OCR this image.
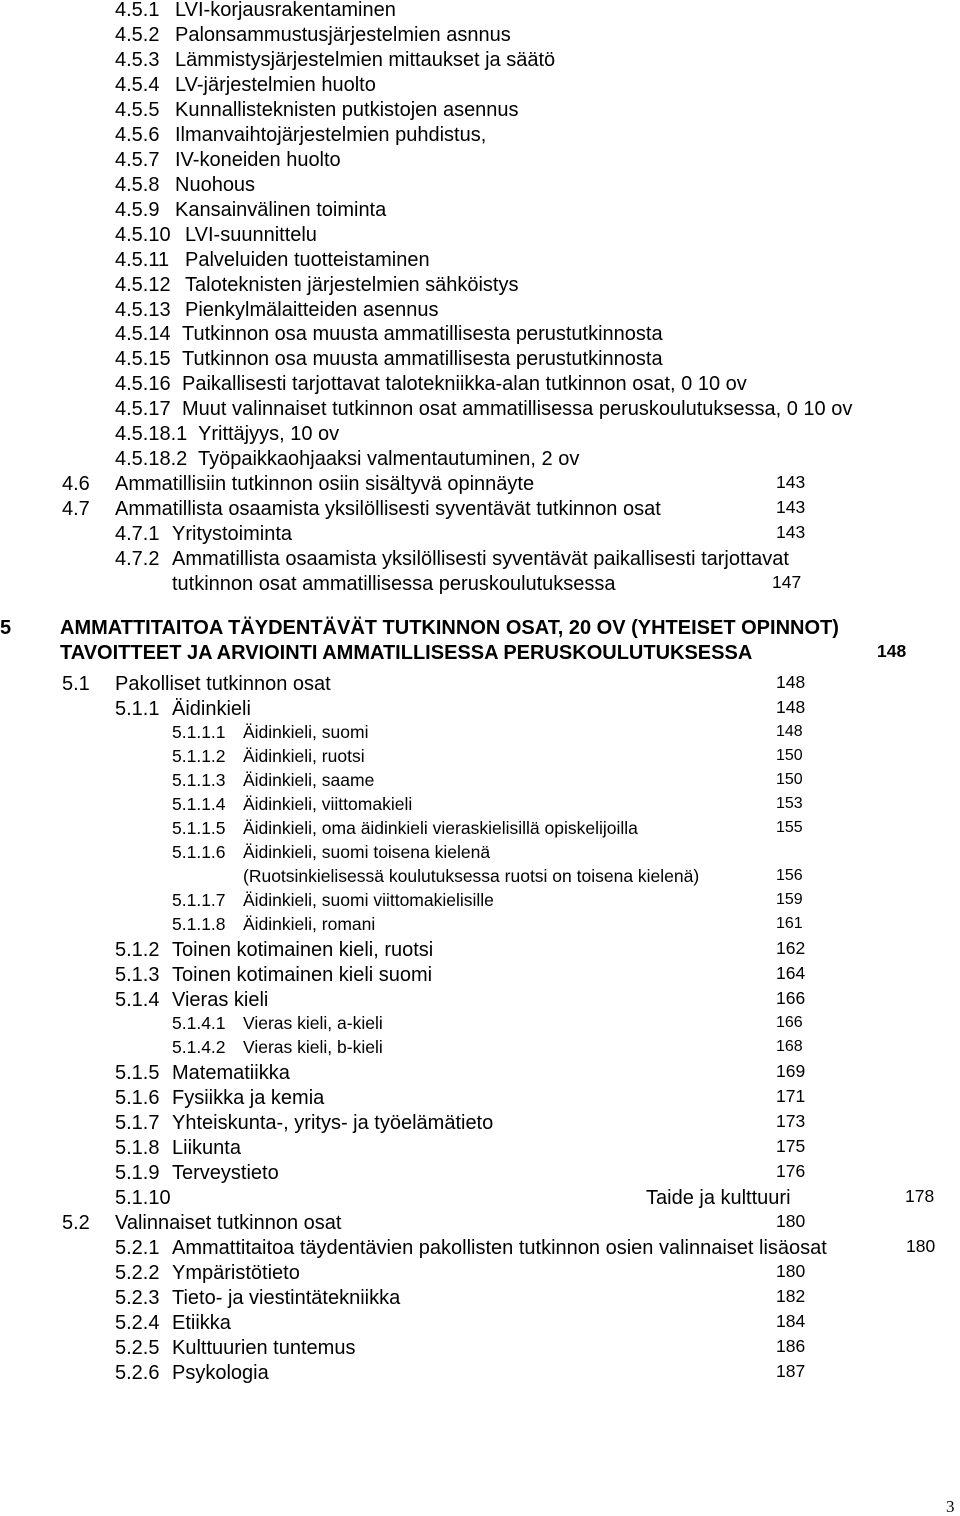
4.5.1 LVI-korjausrakentaminen
4.5.2 Palonsammustusjärjestelmien asnnus
4.5.3 Lämmistysjärjestelmien mittaukset ja säätö
4.5.4 LV-järjestelmien huolto
4.5.5 Kunnallisteknisten putkistojen asennus
4.5.6 Ilmanvaihtojärjestelmien puhdistus,
4.5.7 IV-koneiden huolto
4.5.8 Nuohous
4.5.9 Kansainvälinen toiminta
4.5.10 LVI-suunnittelu
4.5.11 Palveluiden tuotteistaminen
4.5.12 Taloteknisten järjestelmien sähköistys
4.5.13 Pienkylmälaitteiden asennus
4.5.14 Tutkinnon osa muusta ammatillisesta perustutkinnosta
4.5.15 Tutkinnon osa muusta ammatillisesta perustutkinnosta
4.5.16 Paikallisesti tarjottavat talotekniikka-alan tutkinnon osat, 0 10 ov
4.5.17 Muut valinnaiset tutkinnon osat ammatillisessa peruskoulutuksessa, 0 10 ov
4.5.18.1 Yrittäjyys, 10 ov
4.5.18.2 Työpaikkaohjaaksi valmentautuminen, 2 ov
4.6 Ammatillisiin tutkinnon osiin sisältyvä opinnäyte	143
4.7 Ammatillista osaamista yksilöllisesti syventävät tutkinnon osat	143
4.7.1 Yritystoiminta	143
4.7.2 Ammatillista osaamista yksilöllisesti syventävät paikallisesti tarjottavat
tutkinnon osat ammatillisessa peruskoulutuksessa	147
5 AMMATTITAITOA TÄYDENTÄVÄT TUTKINNON OSAT, 20 OV (YHTEISET OPINNOT)
TAVOITTEET JA ARVIOINTI AMMATILLISESSA PERUSKOULUTUKSESSA	148
5.1 Pakolliset tutkinnon osat	148
5.1.1 Äidinkieli	148
5.1.1.1 Äidinkieli, suomi	148
5.1.1.2 Äidinkieli, ruotsi	150
5.1.1.3 Äidinkieli, saame	150
5.1.1.4 Äidinkieli, viittomakieli	153
5.1.1.5 Äidinkieli, oma äidinkieli vieraskielisillä opiskelijoilla	155
5.1.1.6 Äidinkieli, suomi toisena kielenä
(Ruotsinkielisessä koulutuksessa ruotsi on toisena kielenä)	156
5.1.1.7 Äidinkieli, suomi viittomakielisille	159
5.1.1.8 Äidinkieli, romani	161
5.1.2 Toinen kotimainen kieli, ruotsi	162
5.1.3 Toinen kotimainen kieli suomi	164
5.1.4 Vieras kieli	166
5.1.4.1 Vieras kieli, a-kieli	166
5.1.4.2 Vieras kieli, b-kieli	168
5.1.5 Matematiikka	169
5.1.6 Fysiikka ja kemia	171
5.1.7 Yhteiskunta-, yritys- ja työelämätieto	173
5.1.8 Liikunta	175
5.1.9 Terveystieto	176
5.1.10	Taide ja kulttuuri	178
5.2 Valinnaiset tutkinnon osat	180
5.2.1 Ammattitaitoa täydentävien pakollisten tutkinnon osien valinnaiset lisäosat	180
5.2.2 Ympäristötieto	180
5.2.3 Tieto- ja viestintätekniikka	182
5.2.4 Etiikka	184
5.2.5 Kulttuurien tuntemus	186
5.2.6 Psykologia	187
3
